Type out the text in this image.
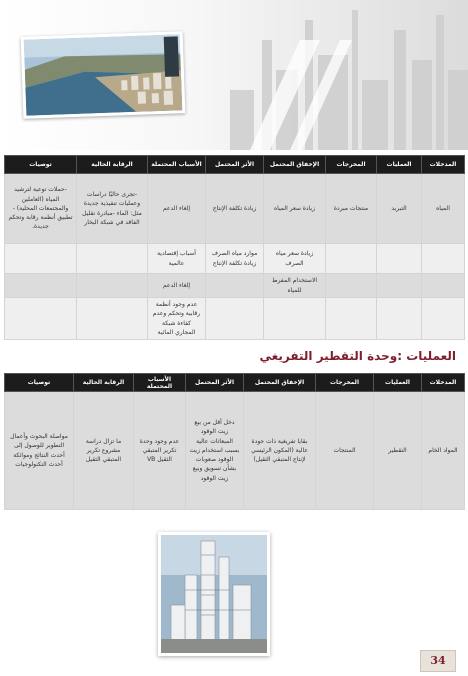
المدخلات	العمليات	المخرجات	الإخفاق المحتمل	الأثر المحتمل	الأسباب المحتملة	الرقابة الحالية	توصيات
المياه	التبريد	منتجات مبردة	زيادة سعر المياه	زيادة تكلفة الإنتاج	إلغاء الدعم	-تجرى حاليًا دراسات وعمليات تنفيذية جديدة مثل: الماء -مبادرة تقليل الفاقد في شبكة البخار	-حملات توعية لترشيد المياه (العاملين والمجتمعات المحلية) - تطبيق أنظمة رقابة وتحكم جديدة.
			زيادة سعر مياه الصرف	موارد مياه الصرف زيادة تكلفة الإنتاج	أسباب إقتصادية عالمية		
			الاستخدام المفرط للمياه		إلغاء الدعم		
					عدم وجود أنظمة رقابية وتحكم وعدم كفاءة شبكة المجاري المائية		
العمليات :وحدة التقطير التفريغي
المدخلات	العمليات	المخرجات	الإخفاق المحتمل	الأثر المحتمل	الأسباب المحتملة	الرقابة الحالية	توصيات
المواد الخام	التقطير	المنتجات	بقايا تفريغية ذات جودة عالية (المكون الرئيسي لإنتاج المتبقي الثقيل)	دخل أقل من بيع زيت الوقود المبعاثات عالية بسبب استخدام زيت الوقود صعوبات بشأن تسويق وبيع زيت الوقود	عدم وجود وحدة تكرير المتبقي الثقيل VB	ما تزال دراسة مشروع تكرير المتبقي الثقيل	مواصلة البحوث وأعمال التطوير للوصول إلى أحدث النتائج وموائكة أحدث التكنولوجيات
34
